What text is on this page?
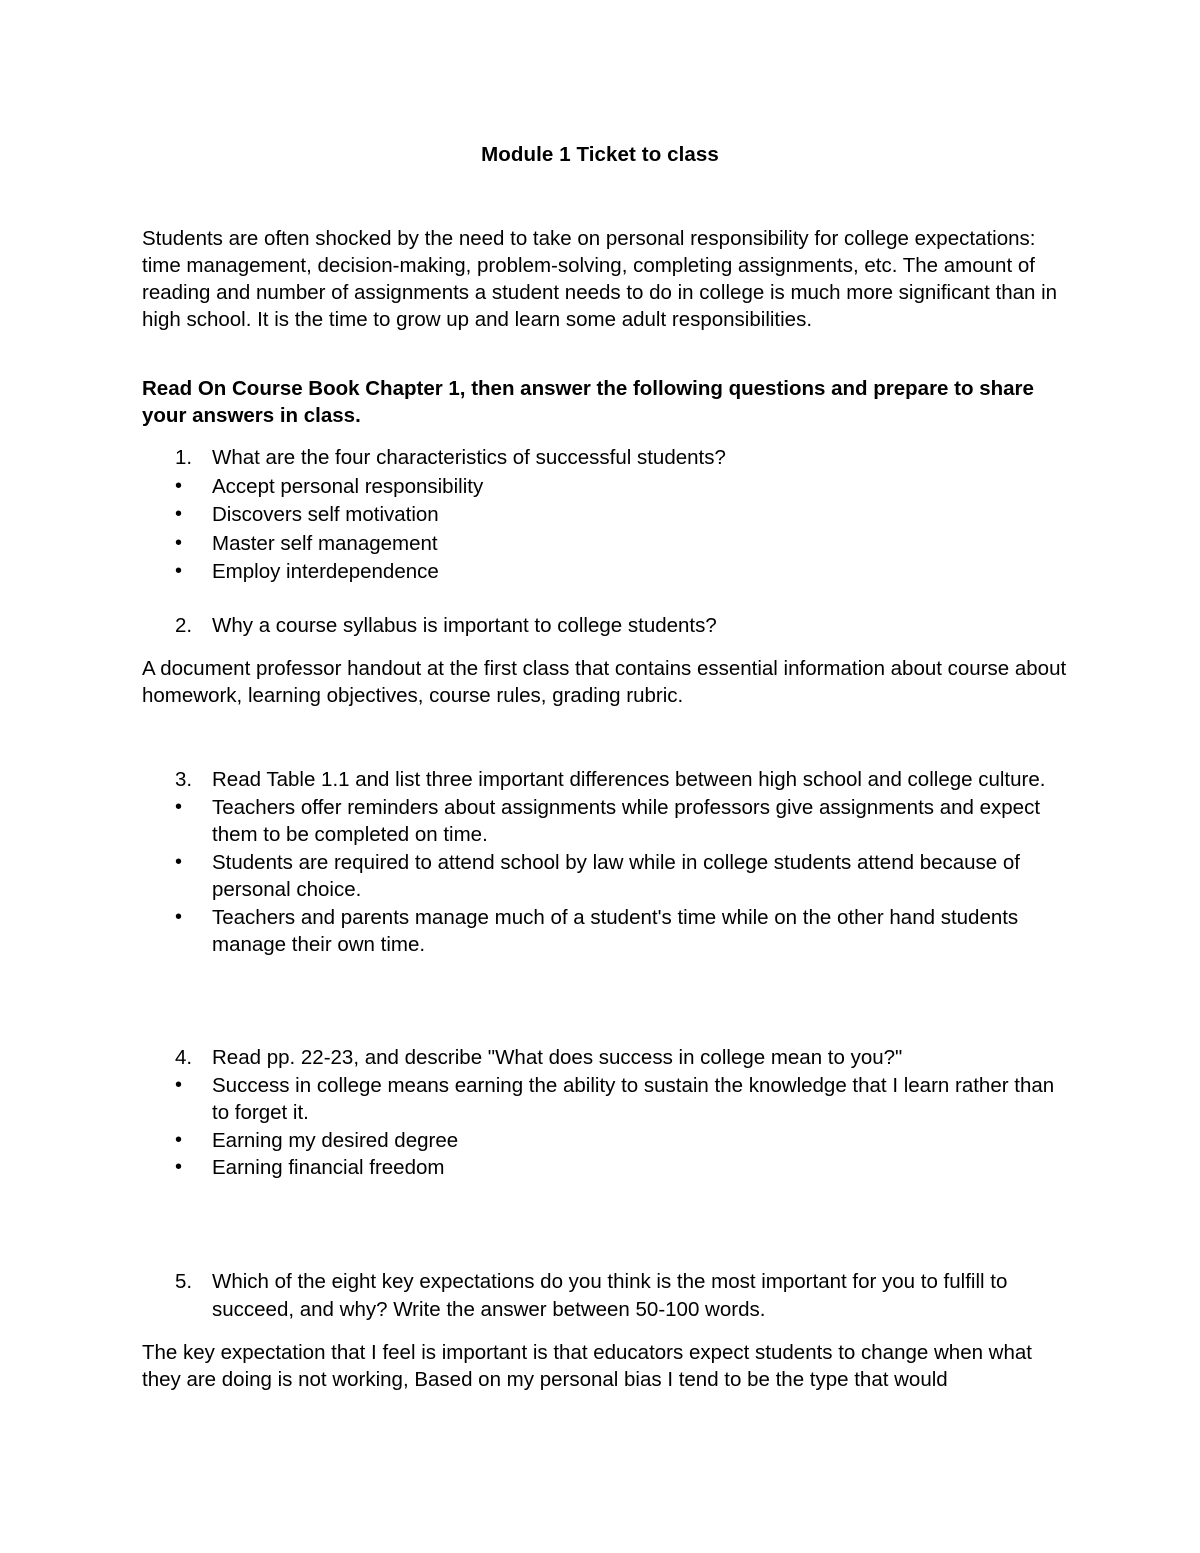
Module 1 Ticket to class

Students are often shocked by the need to take on personal responsibility for college expectations: time management, decision-making, problem-solving, completing assignments, etc. The amount of reading and number of assignments a student needs to do in college is much more significant than in high school. It is the time to grow up and learn some adult responsibilities.

Read On Course Book Chapter 1, then answer the following questions and prepare to share your answers in class.

1. What are the four characteristics of successful students?
•	Accept personal responsibility
•	Discovers self motivation
•	Master self management
•	Employ interdependence
2. Why a course syllabus is important to college students?

A document professor handout at the first class that contains essential information about course about homework, learning objectives, course rules, grading rubric.

3. Read Table 1.1 and list three important differences between high school and college culture.
•	Teachers offer reminders about assignments while professors give assignments and expect them to be completed on time.
•	Students are required to attend school by law while in college students attend because of personal choice.
•	Teachers and parents manage much of a student's time while on the other hand students manage their own time.
4. Read pp. 22-23, and describe "What does success in college mean to you?"
•	Success in college means earning the ability to sustain the knowledge that I learn rather than to forget it.
•	Earning my desired degree
•	Earning financial freedom
5. Which of the eight key expectations do you think is the most important for you to fulfill to succeed, and why? Write the answer between 50-100 words.

The key expectation that I feel is important is that educators expect students to change when what they are doing is not working, Based on my personal bias I tend to be the type that would
